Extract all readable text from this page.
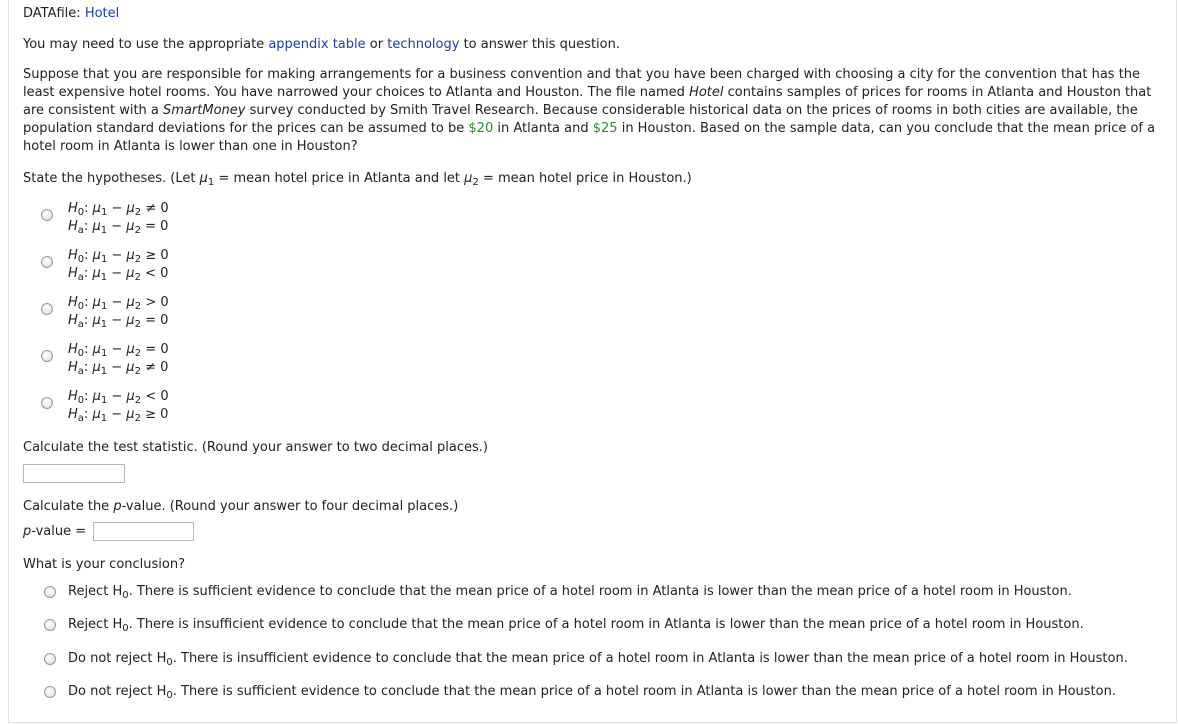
DATAfile: Hotel
You may need to use the appropriate appendix table or technology to answer this question.
Suppose that you are responsible for making arrangements for a business convention and that you have been charged with choosing a city for the convention that has the least expensive hotel rooms. You have narrowed your choices to Atlanta and Houston. The file named Hotel contains samples of prices for rooms in Atlanta and Houston that are consistent with a SmartMoney survey conducted by Smith Travel Research. Because considerable historical data on the prices of rooms in both cities are available, the population standard deviations for the prices can be assumed to be $20 in Atlanta and $25 in Houston. Based on the sample data, can you conclude that the mean price of a hotel room in Atlanta is lower than one in Houston?
State the hypotheses. (Let $\mu_1$ = mean hotel price in Atlanta and let $\mu_2$ = mean hotel price in Houston.)
$H_0$: $\mu_1 - \mu_2 \ne 0$
$H_a$: $\mu_1 - \mu_2 = 0$
$H_0$: $\mu_1 - \mu_2 \ge 0$
$H_a$: $\mu_1 - \mu_2 < 0$
$H_0$: $\mu_1 - \mu_2 > 0$
$H_a$: $\mu_1 - \mu_2 = 0$
$H_0$: $\mu_1 - \mu_2 = 0$
$H_a$: $\mu_1 - \mu_2 \ne 0$
$H_0$: $\mu_1 - \mu_2 < 0$
$H_a$: $\mu_1 - \mu_2 \ge 0$
Calculate the test statistic. (Round your answer to two decimal places.)
Calculate the p-value. (Round your answer to four decimal places.)
p-value =
What is your conclusion?
Reject $H_0$. There is sufficient evidence to conclude that the mean price of a hotel room in Atlanta is lower than the mean price of a hotel room in Houston.
Reject $H_0$. There is insufficient evidence to conclude that the mean price of a hotel room in Atlanta is lower than the mean price of a hotel room in Houston.
Do not reject $H_0$. There is insufficient evidence to conclude that the mean price of a hotel room in Atlanta is lower than the mean price of a hotel room in Houston.
Do not reject $H_0$. There is sufficient evidence to conclude that the mean price of a hotel room in Atlanta is lower than the mean price of a hotel room in Houston.
